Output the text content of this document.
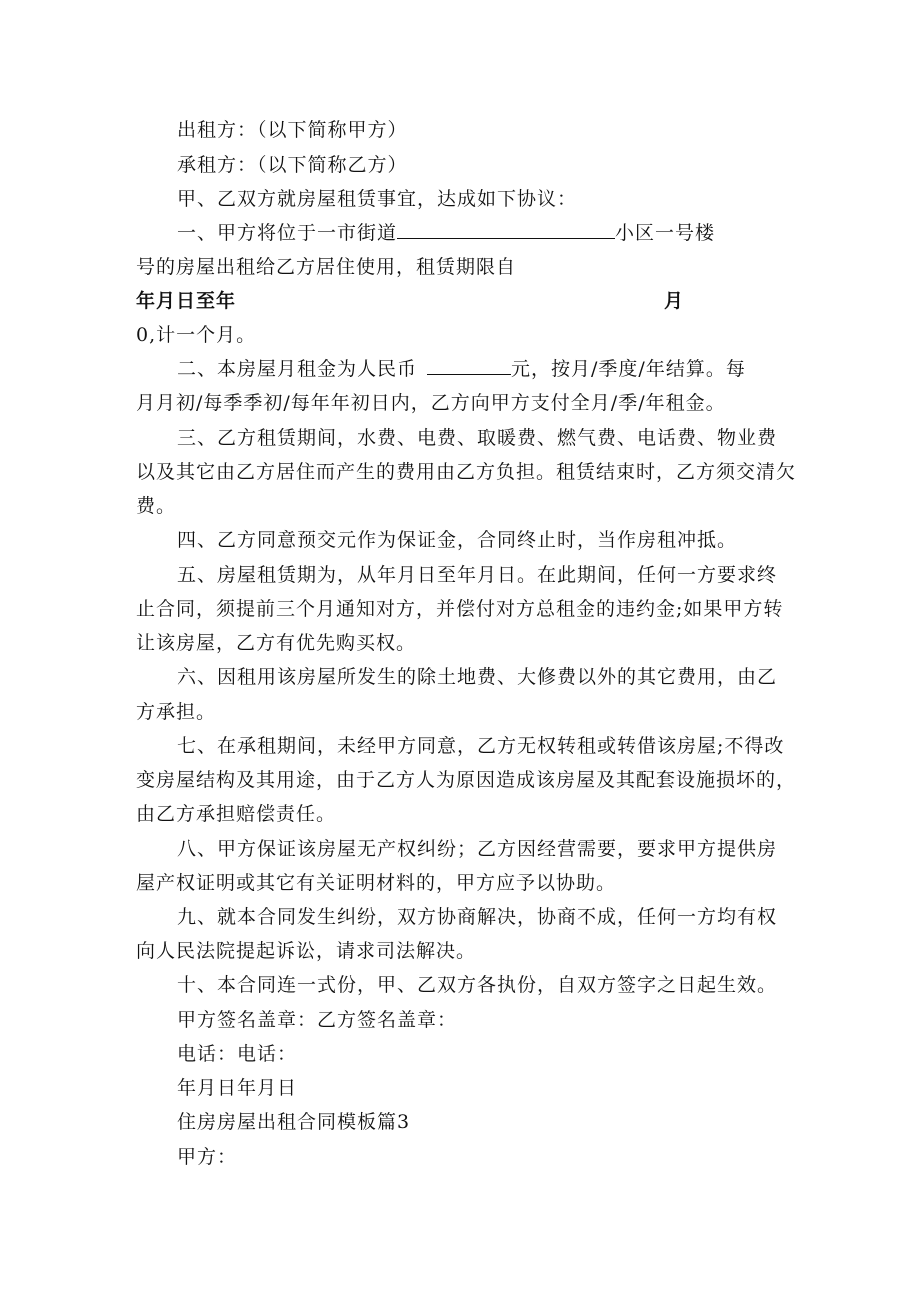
出租方：（以下简称甲方）
承租方：（以下简称乙方）
甲、乙双方就房屋租赁事宜，达成如下协议：
一、甲方将位于一市街道	小区一号楼
号的房屋出租给乙方居住使用，租赁期限自
年月日至年	月
0,计一个月。
二、本房屋月租金为人民币	元，按月/季度/年结算。每
月月初/每季季初/每年年初日内，乙方向甲方支付全月/季/年租金。
三、乙方租赁期间，水费、电费、取暖费、燃气费、电话费、物业费
以及其它由乙方居住而产生的费用由乙方负担。租赁结束时，乙方须交清欠
费。
四、乙方同意预交元作为保证金，合同终止时，当作房租冲抵。
五、房屋租赁期为，从年月日至年月日。在此期间，任何一方要求终
止合同，须提前三个月通知对方，并偿付对方总租金的违约金;如果甲方转
让该房屋，乙方有优先购买权。
六、因租用该房屋所发生的除土地费、大修费以外的其它费用，由乙
方承担。
七、在承租期间，未经甲方同意，乙方无权转租或转借该房屋;不得改
变房屋结构及其用途，由于乙方人为原因造成该房屋及其配套设施损坏的，
由乙方承担赔偿责任。
八、甲方保证该房屋无产权纠纷；乙方因经营需要，要求甲方提供房
屋产权证明或其它有关证明材料的，甲方应予以协助。
九、就本合同发生纠纷，双方协商解决，协商不成，任何一方均有权
向人民法院提起诉讼，请求司法解决。
十、本合同连一式份，甲、乙双方各执份，自双方签字之日起生效。
甲方签名盖章：乙方签名盖章：
电话：电话：
年月日年月日
住房房屋出租合同模板篇3
甲方：
